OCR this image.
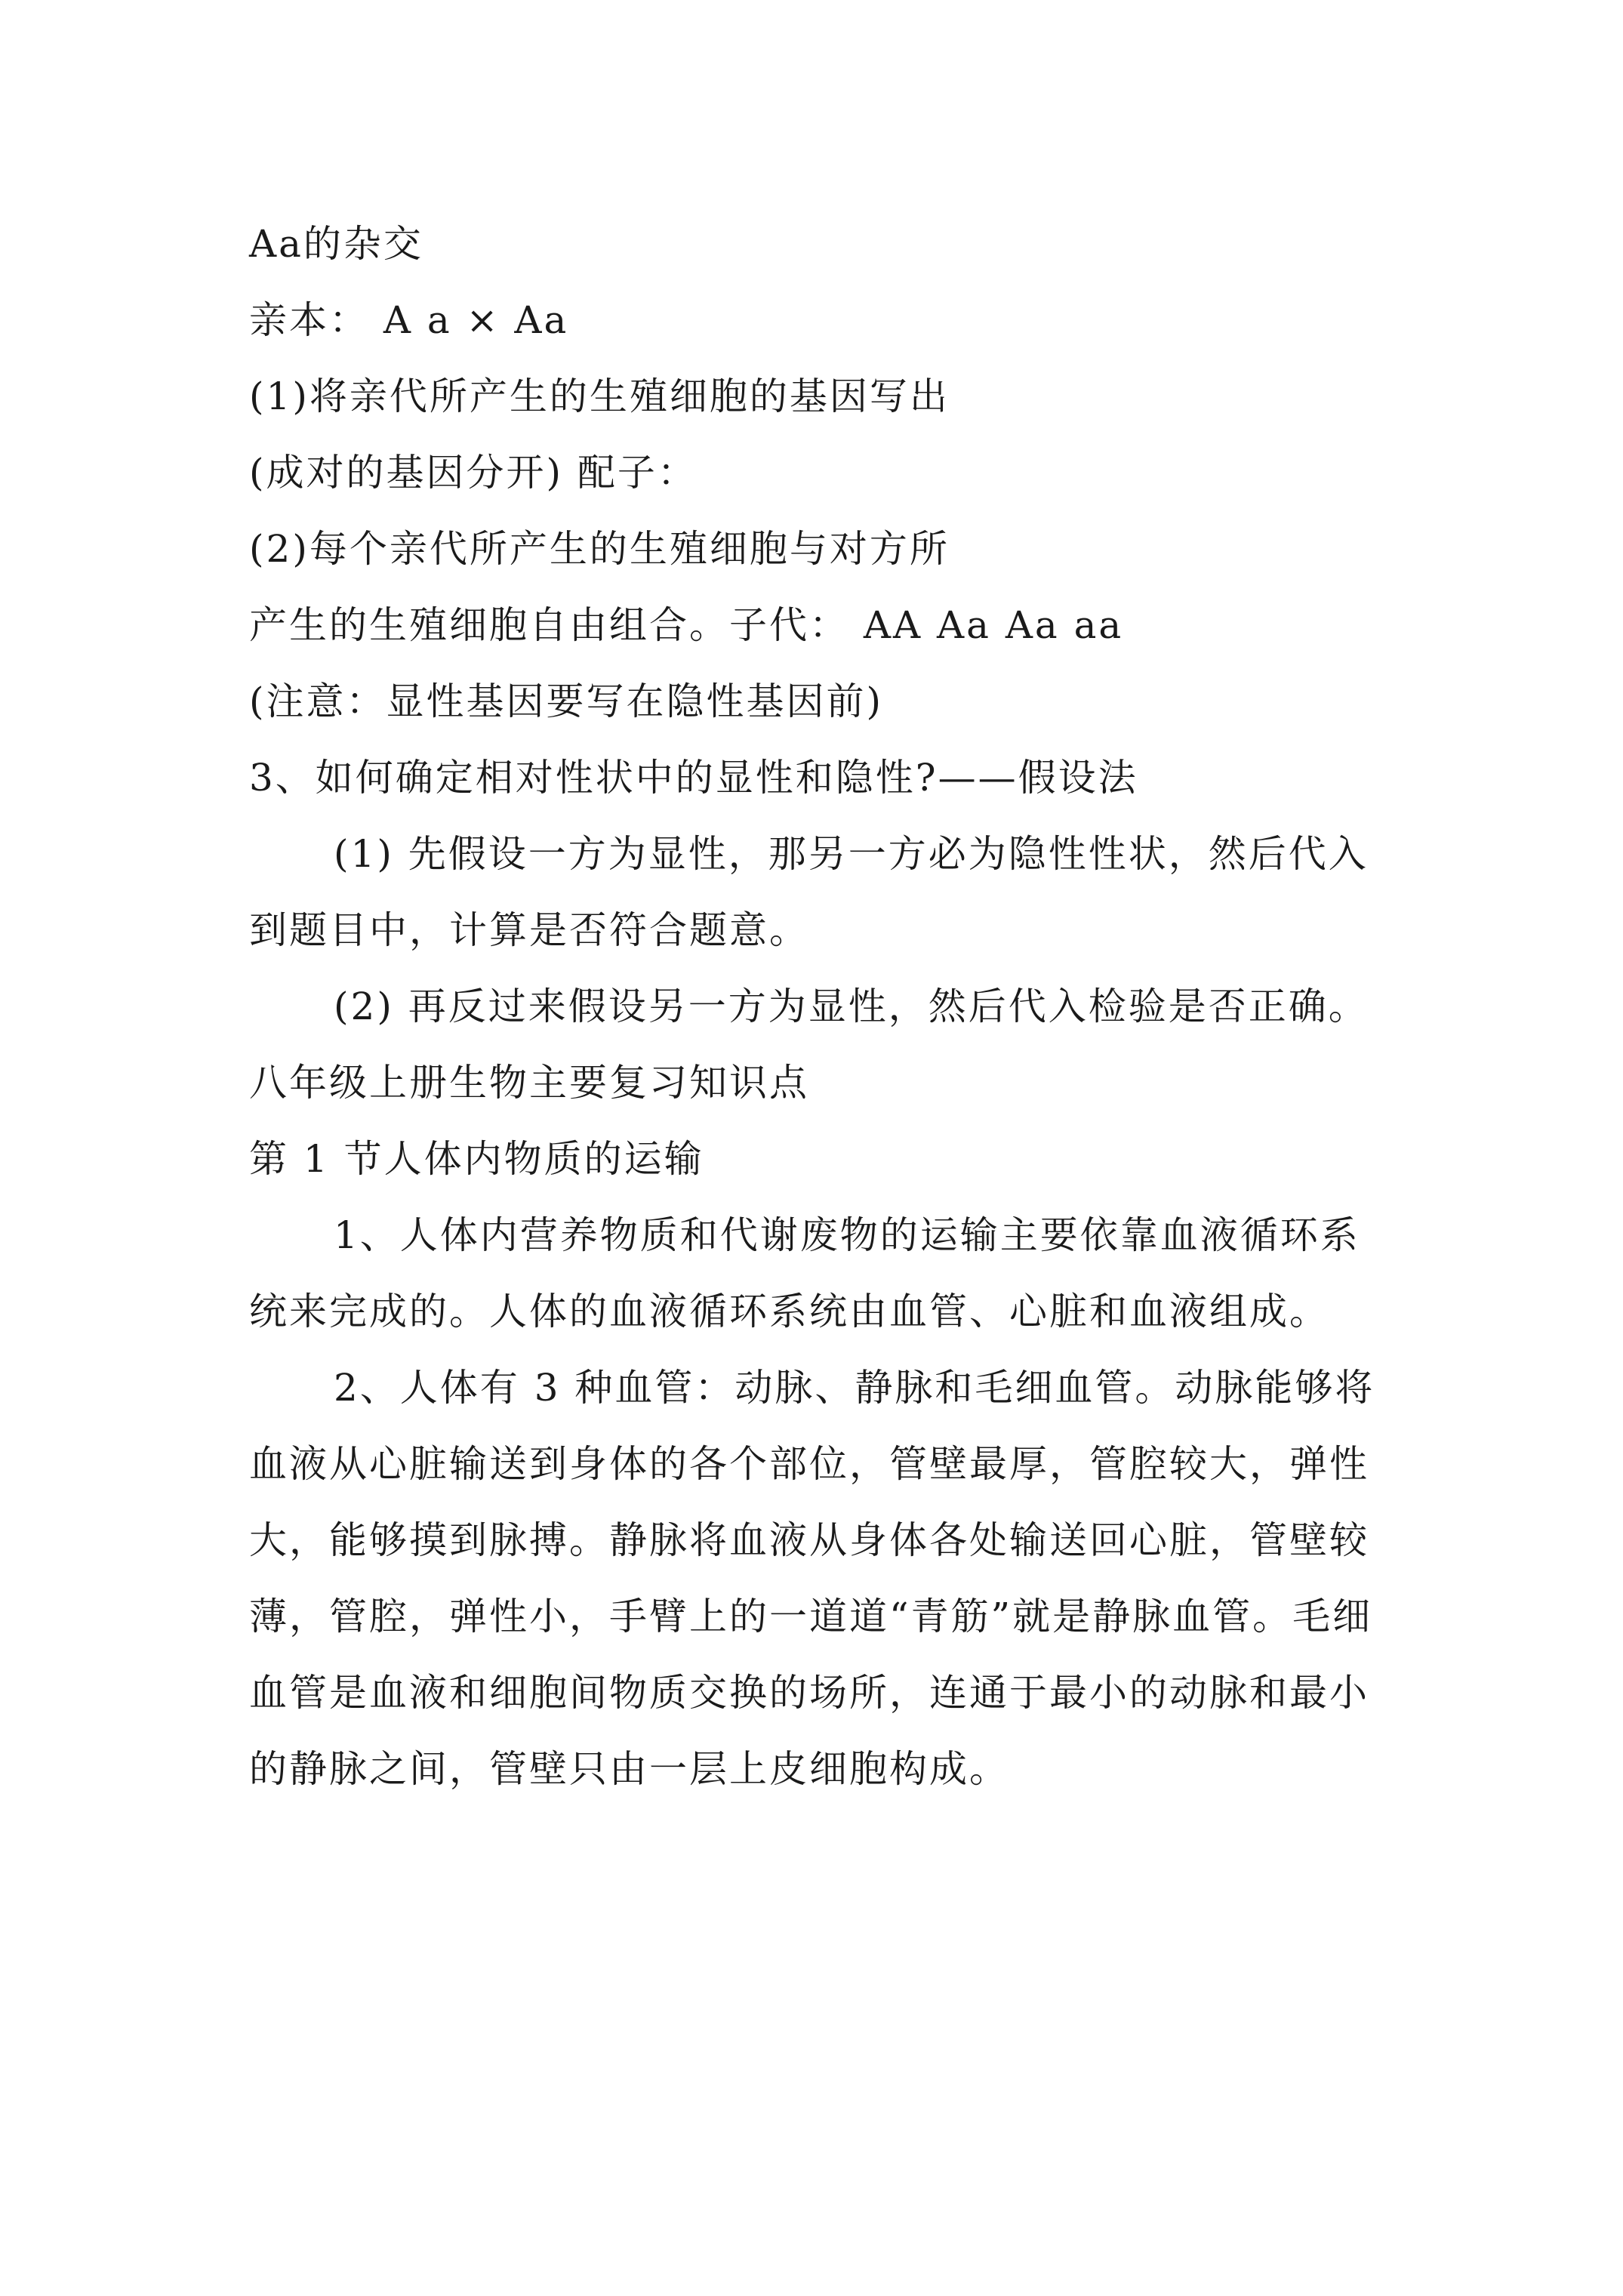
Aa的杂交

亲本： A a × Aa

(1)将亲代所产生的生殖细胞的基因写出

(成对的基因分开) 配子：

(2)每个亲代所产生的生殖细胞与对方所

产生的生殖细胞自由组合。子代： AA Aa Aa aa

(注意：显性基因要写在隐性基因前)

3、如何确定相对性状中的显性和隐性?——假设法

(1) 先假设一方为显性，那另一方必为隐性性状，然后代入到题目中，计算是否符合题意。

(2) 再反过来假设另一方为显性，然后代入检验是否正确。

八年级上册生物主要复习知识点

第 1 节人体内物质的运输

1、人体内营养物质和代谢废物的运输主要依靠血液循环系统来完成的。人体的血液循环系统由血管、心脏和血液组成。

2、人体有 3 种血管：动脉、静脉和毛细血管。动脉能够将血液从心脏输送到身体的各个部位，管壁最厚，管腔较大，弹性大，能够摸到脉搏。静脉将血液从身体各处输送回心脏，管壁较薄，管腔，弹性小，手臂上的一道道“青筋”就是静脉血管。毛细血管是血液和细胞间物质交换的场所，连通于最小的动脉和最小的静脉之间，管壁只由一层上皮细胞构成。
